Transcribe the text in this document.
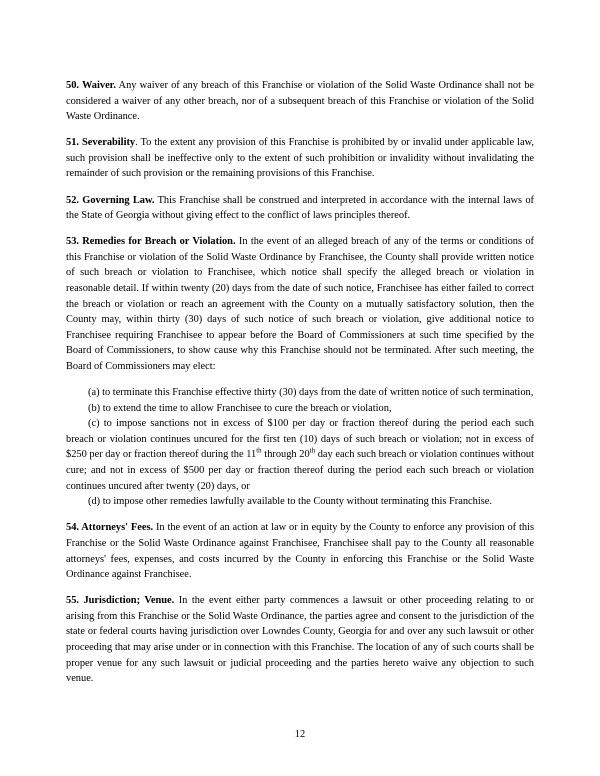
50. Waiver. Any waiver of any breach of this Franchise or violation of the Solid Waste Ordinance shall not be considered a waiver of any other breach, nor of a subsequent breach of this Franchise or violation of the Solid Waste Ordinance.

51. Severability. To the extent any provision of this Franchise is prohibited by or invalid under applicable law, such provision shall be ineffective only to the extent of such prohibition or invalidity without invalidating the remainder of such provision or the remaining provisions of this Franchise.

52. Governing Law. This Franchise shall be construed and interpreted in accordance with the internal laws of the State of Georgia without giving effect to the conflict of laws principles thereof.

53. Remedies for Breach or Violation. In the event of an alleged breach of any of the terms or conditions of this Franchise or violation of the Solid Waste Ordinance by Franchisee, the County shall provide written notice of such breach or violation to Franchisee, which notice shall specify the alleged breach or violation in reasonable detail. If within twenty (20) days from the date of such notice, Franchisee has either failed to correct the breach or violation or reach an agreement with the County on a mutually satisfactory solution, then the County may, within thirty (30) days of such notice of such breach or violation, give additional notice to Franchisee requiring Franchisee to appear before the Board of Commissioners at such time specified by the Board of Commissioners, to show cause why this Franchise should not be terminated. After such meeting, the Board of Commissioners may elect:

(a) to terminate this Franchise effective thirty (30) days from the date of written notice of such termination,

(b) to extend the time to allow Franchisee to cure the breach or violation,

(c) to impose sanctions not in excess of $100 per day or fraction thereof during the period each such breach or violation continues uncured for the first ten (10) days of such breach or violation; not in excess of $250 per day or fraction thereof during the 11th through 20th day each such breach or violation continues without cure; and not in excess of $500 per day or fraction thereof during the period each such breach or violation continues uncured after twenty (20) days, or

(d) to impose other remedies lawfully available to the County without terminating this Franchise.

54. Attorneys' Fees. In the event of an action at law or in equity by the County to enforce any provision of this Franchise or the Solid Waste Ordinance against Franchisee, Franchisee shall pay to the County all reasonable attorneys' fees, expenses, and costs incurred by the County in enforcing this Franchise or the Solid Waste Ordinance against Franchisee.

55. Jurisdiction; Venue. In the event either party commences a lawsuit or other proceeding relating to or arising from this Franchise or the Solid Waste Ordinance, the parties agree and consent to the jurisdiction of the state or federal courts having jurisdiction over Lowndes County, Georgia for and over any such lawsuit or other proceeding that may arise under or in connection with this Franchise. The location of any of such courts shall be proper venue for any such lawsuit or judicial proceeding and the parties hereto waive any objection to such venue.

12
